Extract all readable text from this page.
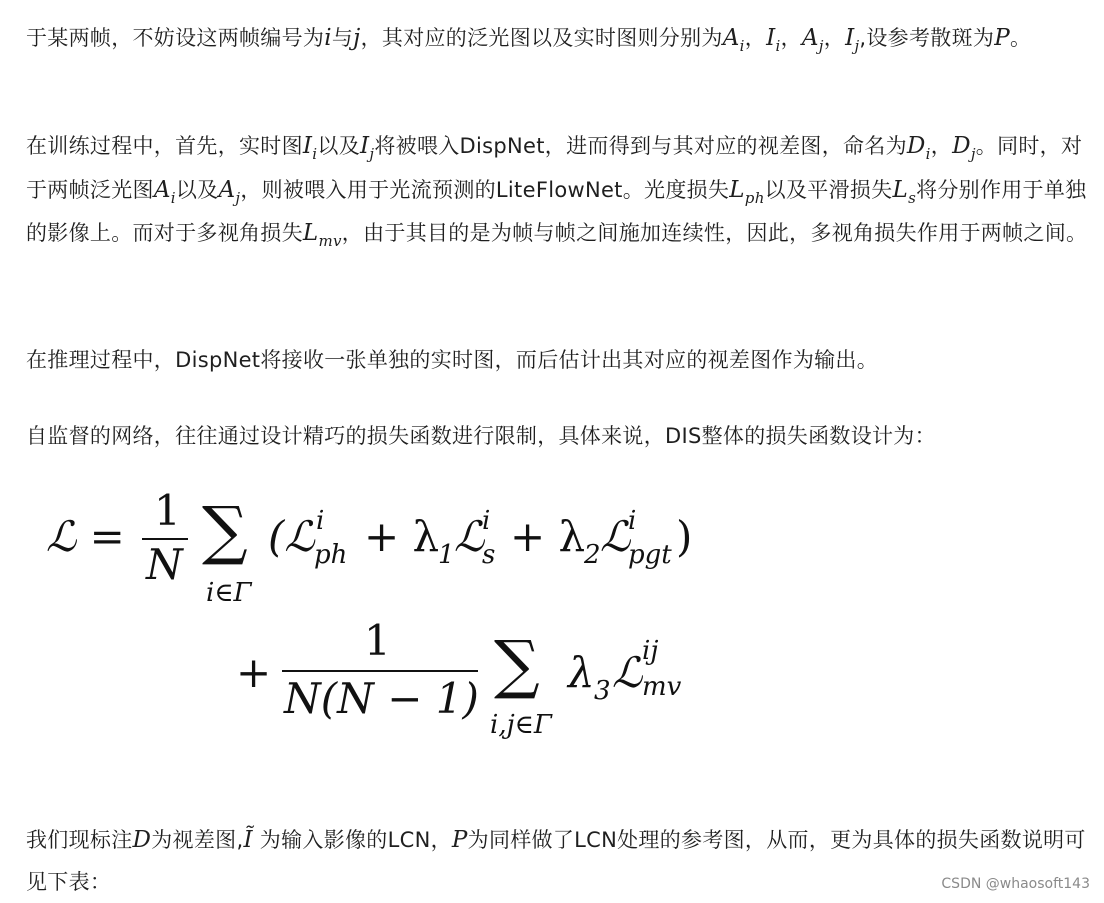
于某两帧，不妨设这两帧编号为i与j，其对应的泛光图以及实时图则分别为$A_i$，$I_i$，$A_j$，$I_j$,设参考散斑为P。

在训练过程中，首先，实时图$I_i$以及$I_j$将被喂入DispNet，进而得到与其对应的视差图，命名为$D_i$，$D_j$。同时，对于两帧泛光图$A_i$以及$A_j$，则被喂入用于光流预测的LiteFlowNet。光度损失$L_{ph}$以及平滑损失$L_s$将分别作用于单独的影像上。而对于多视角损失$L_{mv}$，由于其目的是为帧与帧之间施加连续性，因此，多视角损失作用于两帧之间。

在推理过程中，DispNet将接收一张单独的实时图，而后估计出其对应的视差图作为输出。

自监督的网络，往往通过设计精巧的损失函数进行限制，具体来说，DIS整体的损失函数设计为：

ℒ =
1
N ∑
i∈Γ
(ℒ i
ph + λ
1 ℒ
i
s + λ
2 ℒ
i
pgt )
+
1
N(N − 1) ∑
i,j∈Γ
λ 3 ℒ ij
mv

我们现标注D为视差图,Ĩ 为输入影像的LCN，P为同样做了LCN处理的参考图，从而，更为具体的损失函数说明可见下表：	CSDN @whaosoft143
